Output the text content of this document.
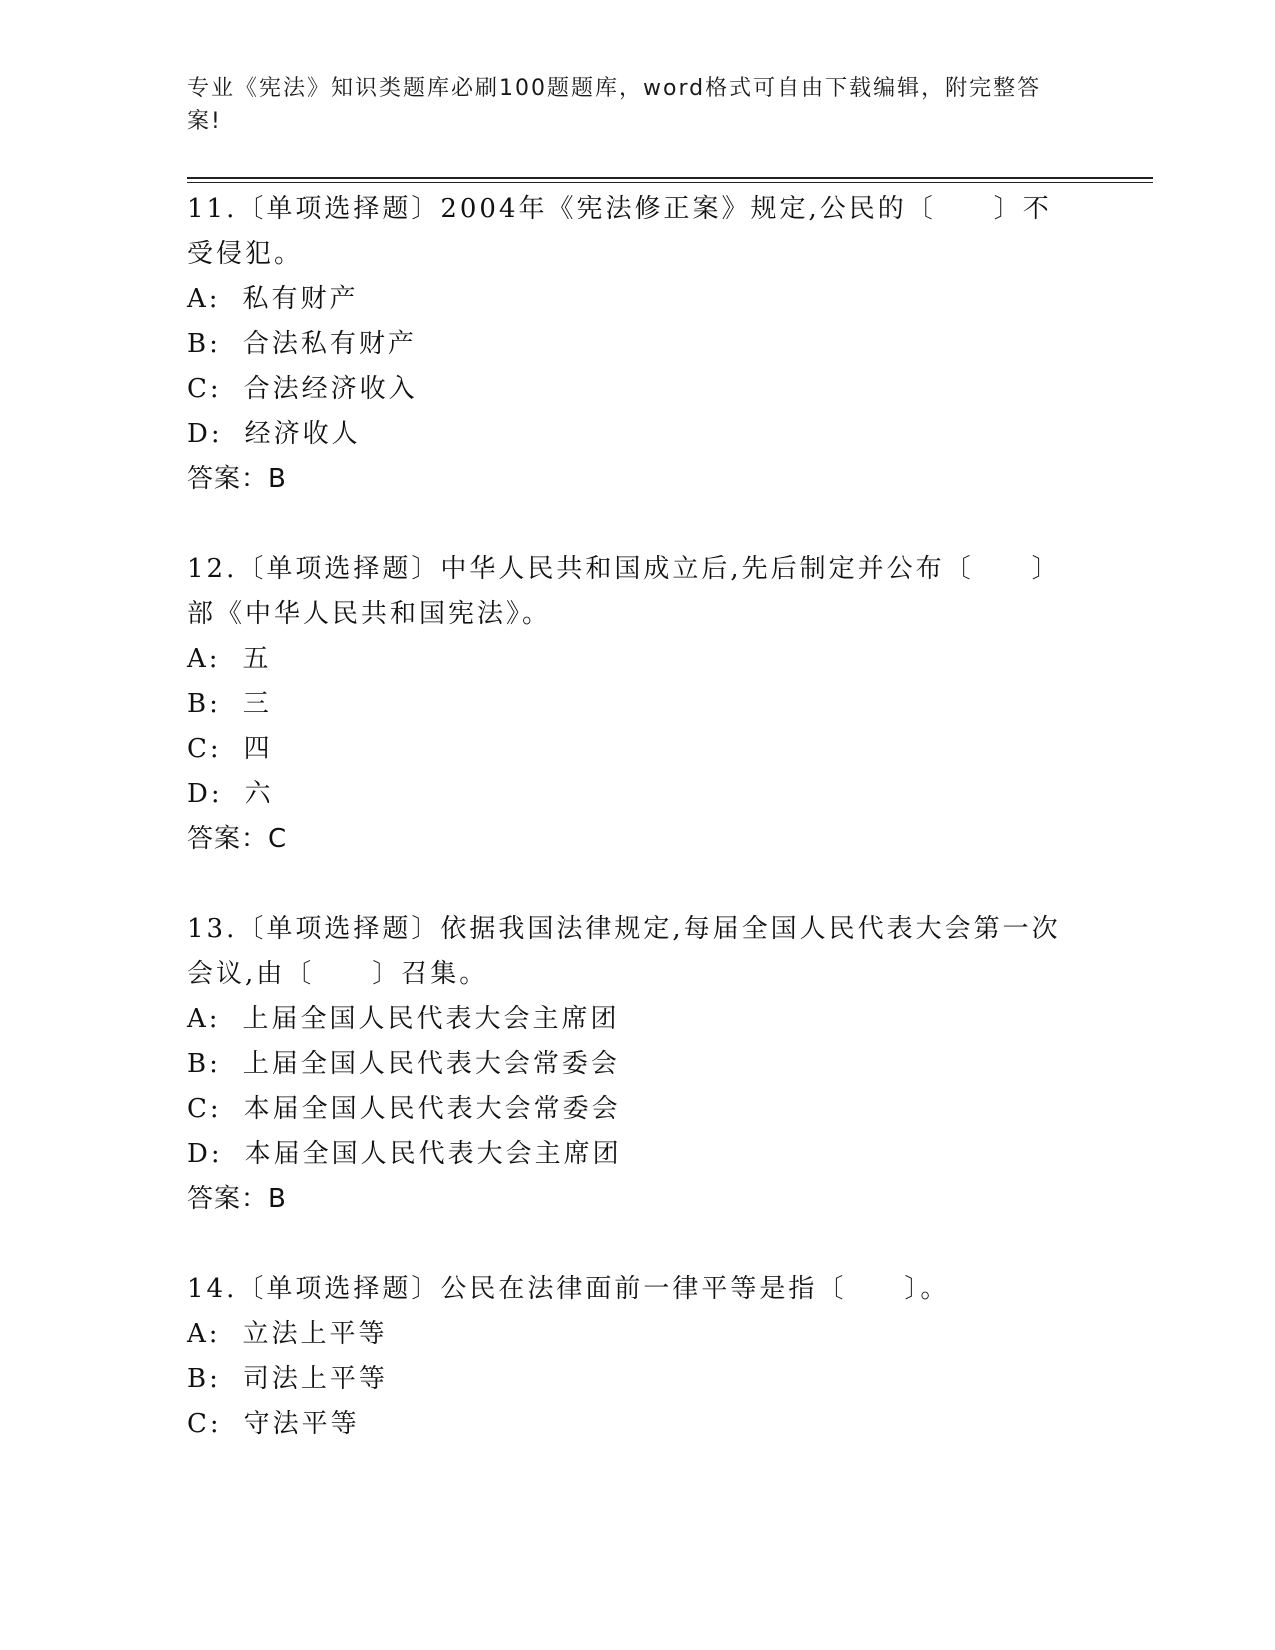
专业《宪法》知识类题库必刷100题题库，word格式可自由下载编辑，附完整答案!

11.〔单项选择题〕2004年《宪法修正案》规定,公民的〔　　〕不受侵犯。

A: 私有财产
B: 合法私有财产
C: 合法经济收入
D: 经济收人
答案：B

12.〔单项选择题〕中华人民共和国成立后,先后制定并公布〔　　〕部《中华人民共和国宪法》。

A: 五
B: 三
C: 四
D: 六
答案：C

13.〔单项选择题〕依据我国法律规定,每届全国人民代表大会第一次会议,由〔　　〕召集。

A: 上届全国人民代表大会主席团
B: 上届全国人民代表大会常委会
C: 本届全国人民代表大会常委会
D: 本届全国人民代表大会主席团
答案：B

14.〔单项选择题〕公民在法律面前一律平等是指〔　　〕。

A: 立法上平等
B: 司法上平等
C: 守法平等
